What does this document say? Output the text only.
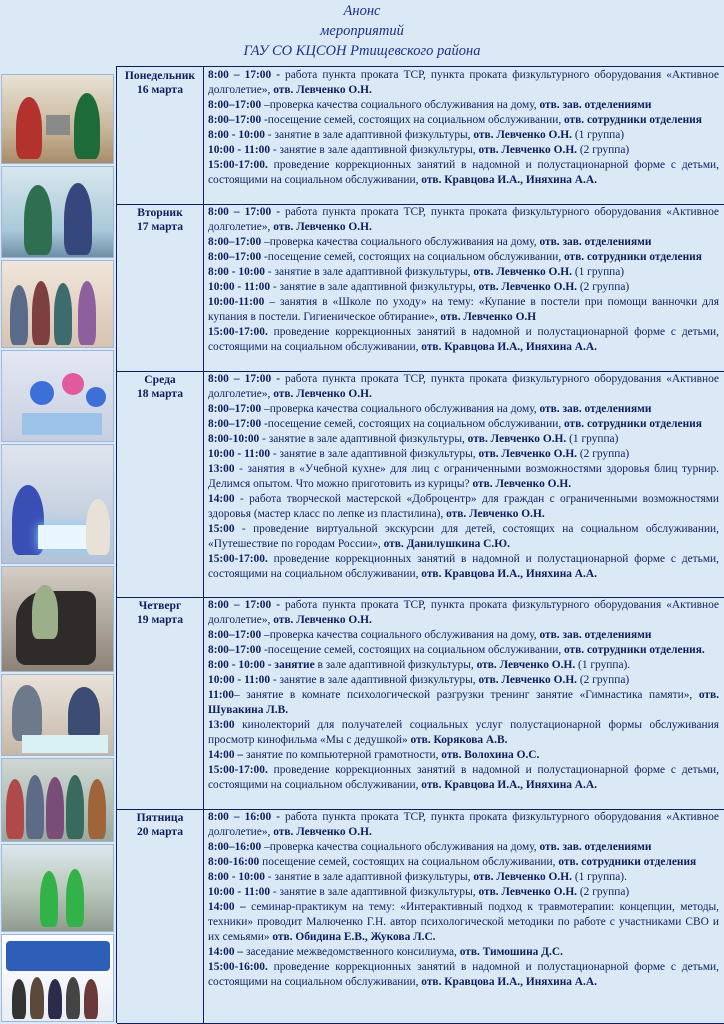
Анонс
мероприятий
ГАУ СО КЦСОН Ртищевского района
Понедельник
16 марта

8:00 – 17:00 - работа пункта проката ТСР, пункта проката физкультурного оборудования «Активное долголетие», отв. Левченко О.Н.

8:00–17:00 –проверка качества социального обслуживания на дому, отв. зав. отделениями

8:00–17:00 -посещение семей, состоящих на социальном обслуживании, отв. сотрудники отделения

8:00 - 10:00 - занятие в зале адаптивной физкультуры, отв. Левченко О.Н. (1 группа)

10:00 - 11:00 - занятие в зале адаптивной физкультуры, отв. Левченко О.Н. (2 группа)

15:00-17:00. проведение коррекционных занятий в надомной и полустационарной форме с детьми, состоящими на социальном обслуживании, отв. Кравцова И.А., Иняхина А.А.

Вторник
17 марта

8:00 – 17:00 - работа пункта проката ТСР, пункта проката физкультурного оборудования «Активное долголетие», отв. Левченко О.Н.

8:00–17:00 –проверка качества социального обслуживания на дому, отв. зав. отделениями

8:00–17:00 -посещение семей, состоящих на социальном обслуживании, отв. сотрудники отделения

8:00 - 10:00 - занятие в зале адаптивной физкультуры, отв. Левченко О.Н. (1 группа)

10:00 - 11:00 - занятие в зале адаптивной физкультуры, отв. Левченко О.Н. (2 группа)

10:00-11:00 – занятия в «Школе по уходу» на тему: «Купание в постели при помощи ванночки для купания в постели. Гигиеническое обтирание», отв. Левченко О.Н

15:00-17:00. проведение коррекционных занятий в надомной и полустационарной форме с детьми, состоящими на социальном обслуживании, отв. Кравцова И.А., Иняхина А.А.

Среда
18 марта

8:00 – 17:00 - работа пункта проката ТСР, пункта проката физкультурного оборудования «Активное долголетие», отв. Левченко О.Н.

8:00–17:00 –проверка качества социального обслуживания на дому, отв. зав. отделениями

8:00–17:00 -посещение семей, состоящих на социальном обслуживании, отв. сотрудники отделения

8:00-10:00 - занятие в зале адаптивной физкультуры, отв. Левченко О.Н. (1 группа)

10:00 - 11:00 - занятие в зале адаптивной физкультуры, отв. Левченко О.Н. (2 группа)

13:00 - занятия в «Учебной кухне» для лиц с ограниченными возможностями здоровья блиц турнир. Делимся опытом. Что можно приготовить из курицы? отв. Левченко О.Н.

14:00 - работа творческой мастерской «Доброцентр» для граждан с ограниченными возможностями здоровья (мастер класс по лепке из пластилина), отв. Левченко О.Н.

15:00 - проведение виртуальной экскурсии для детей, состоящих на социальном обслуживании, «Путешествие по городам России», отв. Данилушкина С.Ю.

15:00-17:00. проведение коррекционных занятий в надомной и полустационарной форме с детьми, состоящими на социальном обслуживании, отв. Кравцова И.А., Иняхина А.А.

Четверг
19 марта

8:00 – 17:00 - работа пункта проката ТСР, пункта проката физкультурного оборудования «Активное долголетие», отв. Левченко О.Н.

8:00–17:00 –проверка качества социального обслуживания на дому, отв. зав. отделениями

8:00–17:00 -посещение семей, состоящих на социальном обслуживании, отв. сотрудники отделения.

8:00 - 10:00 - занятие в зале адаптивной физкультуры, отв. Левченко О.Н. (1 группа).

10:00 - 11:00 - занятие в зале адаптивной физкультуры, отв. Левченко О.Н. (2 группа)

11:00– занятие в комнате психологической разгрузки тренинг занятие «Гимнастика памяти», отв. Шувакина Л.В.

13:00 кинолекторий для получателей социальных услуг полустационарной формы обслуживания просмотр кинофильма «Мы с дедушкой» отв. Корякова А.В.

14:00 – занятие по компьютерной грамотности, отв. Волохина О.С.

15:00-17:00. проведение коррекционных занятий в надомной и полустационарной форме с детьми, состоящими на социальном обслуживании, отв. Кравцова И.А., Иняхина А.А.

Пятница
20 марта

8:00 – 16:00 - работа пункта проката ТСР, пункта проката физкультурного оборудования «Активное долголетие», отв. Левченко О.Н.

8:00–16:00 –проверка качества социального обслуживания на дому, отв. зав. отделениями

8:00-16:00 посещение семей, состоящих на социальном обслуживании, отв. сотрудники отделения

8:00 - 10:00 - занятие в зале адаптивной физкультуры, отв. Левченко О.Н. (1 группа).

10:00 - 11:00 - занятие в зале адаптивной физкультуры, отв. Левченко О.Н. (2 группа)

14:00 – семинар-практикум на тему: «Интерактивный подход к травмотерапии: концепции, методы, техники» проводит Малюченко Г.Н. автор психологической методики по работе с участниками СВО и их семьями» отв. Обидина Е.В., Жукова Л.С.

14:00 – заседание межведомственного консилиума, отв. Тимошина Д.С.

15:00-16:00. проведение коррекционных занятий в надомной и полустационарной форме с детьми, состоящими на социальном обслуживании, отв. Кравцова И.А., Иняхина А.А.
